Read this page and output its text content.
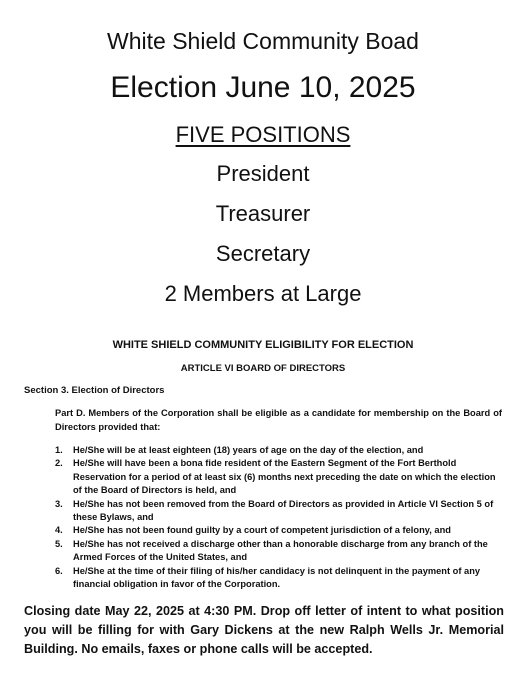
White Shield Community Boad
Election June 10, 2025
FIVE POSITIONS
President
Treasurer
Secretary
2 Members at Large
WHITE SHIELD COMMUNITY ELIGIBILITY FOR ELECTION
ARTICLE VI BOARD OF DIRECTORS
Section 3. Election of Directors
Part D. Members of the Corporation shall be eligible as a candidate for membership on the Board of Directors provided that:
1. He/She will be at least eighteen (18) years of age on the day of the election, and
2. He/She will have been a bona fide resident of the Eastern Segment of the Fort Berthold Reservation for a period of at least six (6) months next preceding the date on which the election of the Board of Directors is held, and
3. He/She has not been removed from the Board of Directors as provided in Article VI Section 5 of these Bylaws, and
4. He/She has not been found guilty by a court of competent jurisdiction of a felony, and
5. He/She has not received a discharge other than a honorable discharge from any branch of the Armed Forces of the United States, and
6. He/She at the time of their filing of his/her candidacy is not delinquent in the payment of any financial obligation in favor of the Corporation.
Closing date May 22, 2025 at 4:30 PM. Drop off letter of intent to what position you will be filling for with Gary Dickens at the new Ralph Wells Jr. Memorial Building. No emails, faxes or phone calls will be accepted.
